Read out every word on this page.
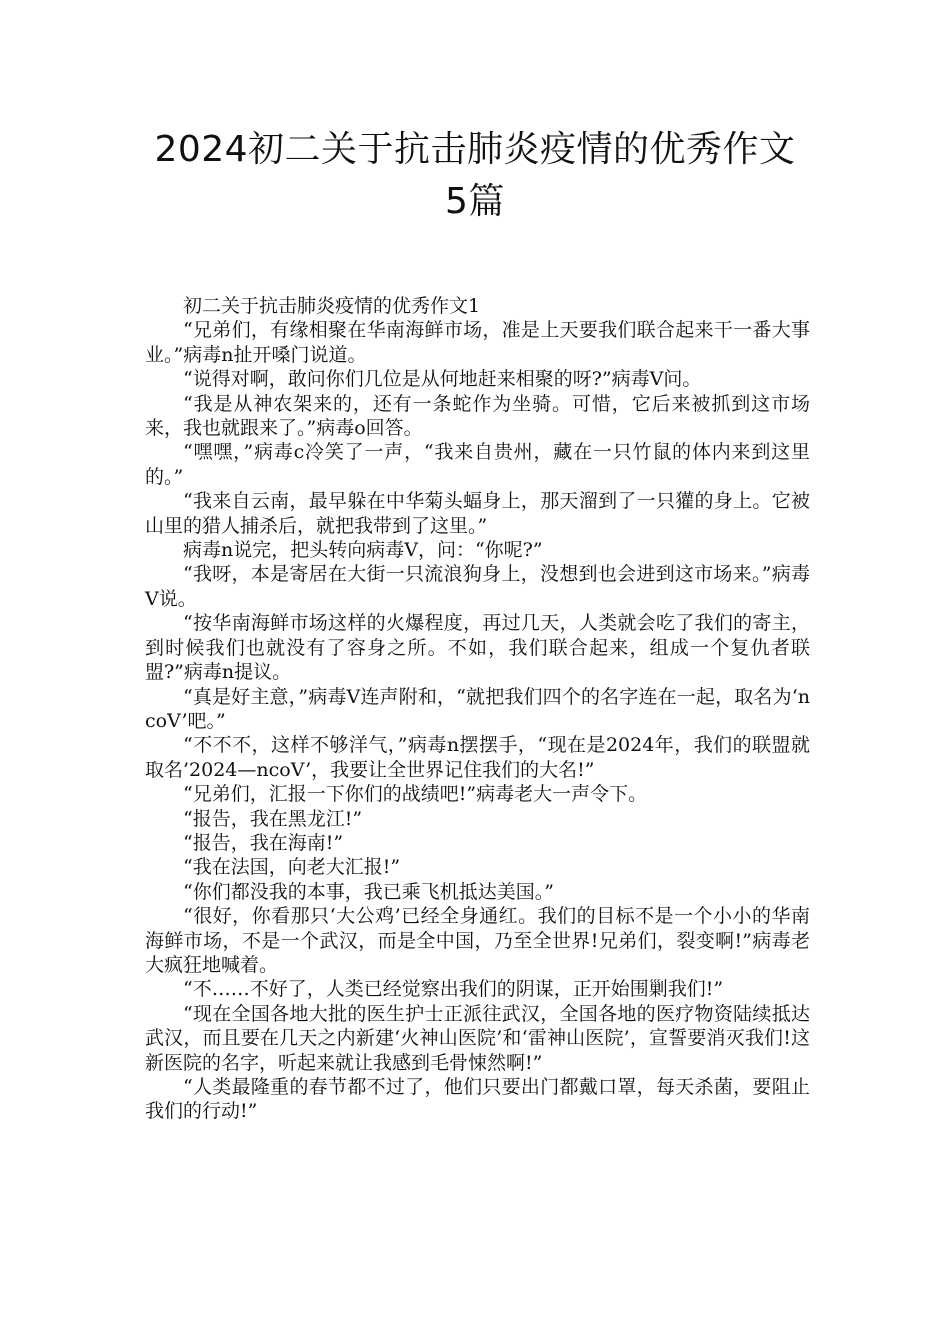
2024初二关于抗击肺炎疫情的优秀作文
5篇

初二关于抗击肺炎疫情的优秀作文1

“兄弟们，有缘相聚在华南海鲜市场，准是上天要我们联合起来干一番大事业。”病毒n扯开嗓门说道。

“说得对啊，敢问你们几位是从何地赶来相聚的呀?”病毒V问。

“我是从神农架来的，还有一条蛇作为坐骑。可惜，它后来被抓到这市场来，我也就跟来了。”病毒o回答。

“嘿嘿，”病毒c冷笑了一声，“我来自贵州，藏在一只竹鼠的体内来到这里的。”

“我来自云南，最早躲在中华菊头蝠身上，那天溜到了一只獾的身上。它被山里的猎人捕杀后，就把我带到了这里。”

病毒n说完，把头转向病毒V，问：“你呢?”

“我呀，本是寄居在大街一只流浪狗身上，没想到也会进到这市场来。”病毒V说。

“按华南海鲜市场这样的火爆程度，再过几天，人类就会吃了我们的寄主，到时候我们也就没有了容身之所。不如，我们联合起来，组成一个复仇者联盟?”病毒n提议。

“真是好主意，”病毒V连声附和，“就把我们四个的名字连在一起，取名为‘ncoV’吧。”

“不不不，这样不够洋气，”病毒n摆摆手，“现在是2024年，我们的联盟就取名’2024—ncoV’，我要让全世界记住我们的大名!”

“兄弟们，汇报一下你们的战绩吧!”病毒老大一声令下。

“报告，我在黑龙江!”

“报告，我在海南!”

“我在法国，向老大汇报!”

“你们都没我的本事，我已乘飞机抵达美国。”

“很好，你看那只‘大公鸡’已经全身通红。我们的目标不是一个小小的华南海鲜市场，不是一个武汉，而是全中国，乃至全世界!兄弟们，裂变啊!”病毒老大疯狂地喊着。

“不……不好了，人类已经觉察出我们的阴谋，正开始围剿我们!”

“现在全国各地大批的医生护士正派往武汉，全国各地的医疗物资陆续抵达武汉，而且要在几天之内新建‘火神山医院’和‘雷神山医院’，宣誓要消灭我们!这新医院的名字，听起来就让我感到毛骨悚然啊!”

“人类最隆重的春节都不过了，他们只要出门都戴口罩，每天杀菌，要阻止我们的行动!”
